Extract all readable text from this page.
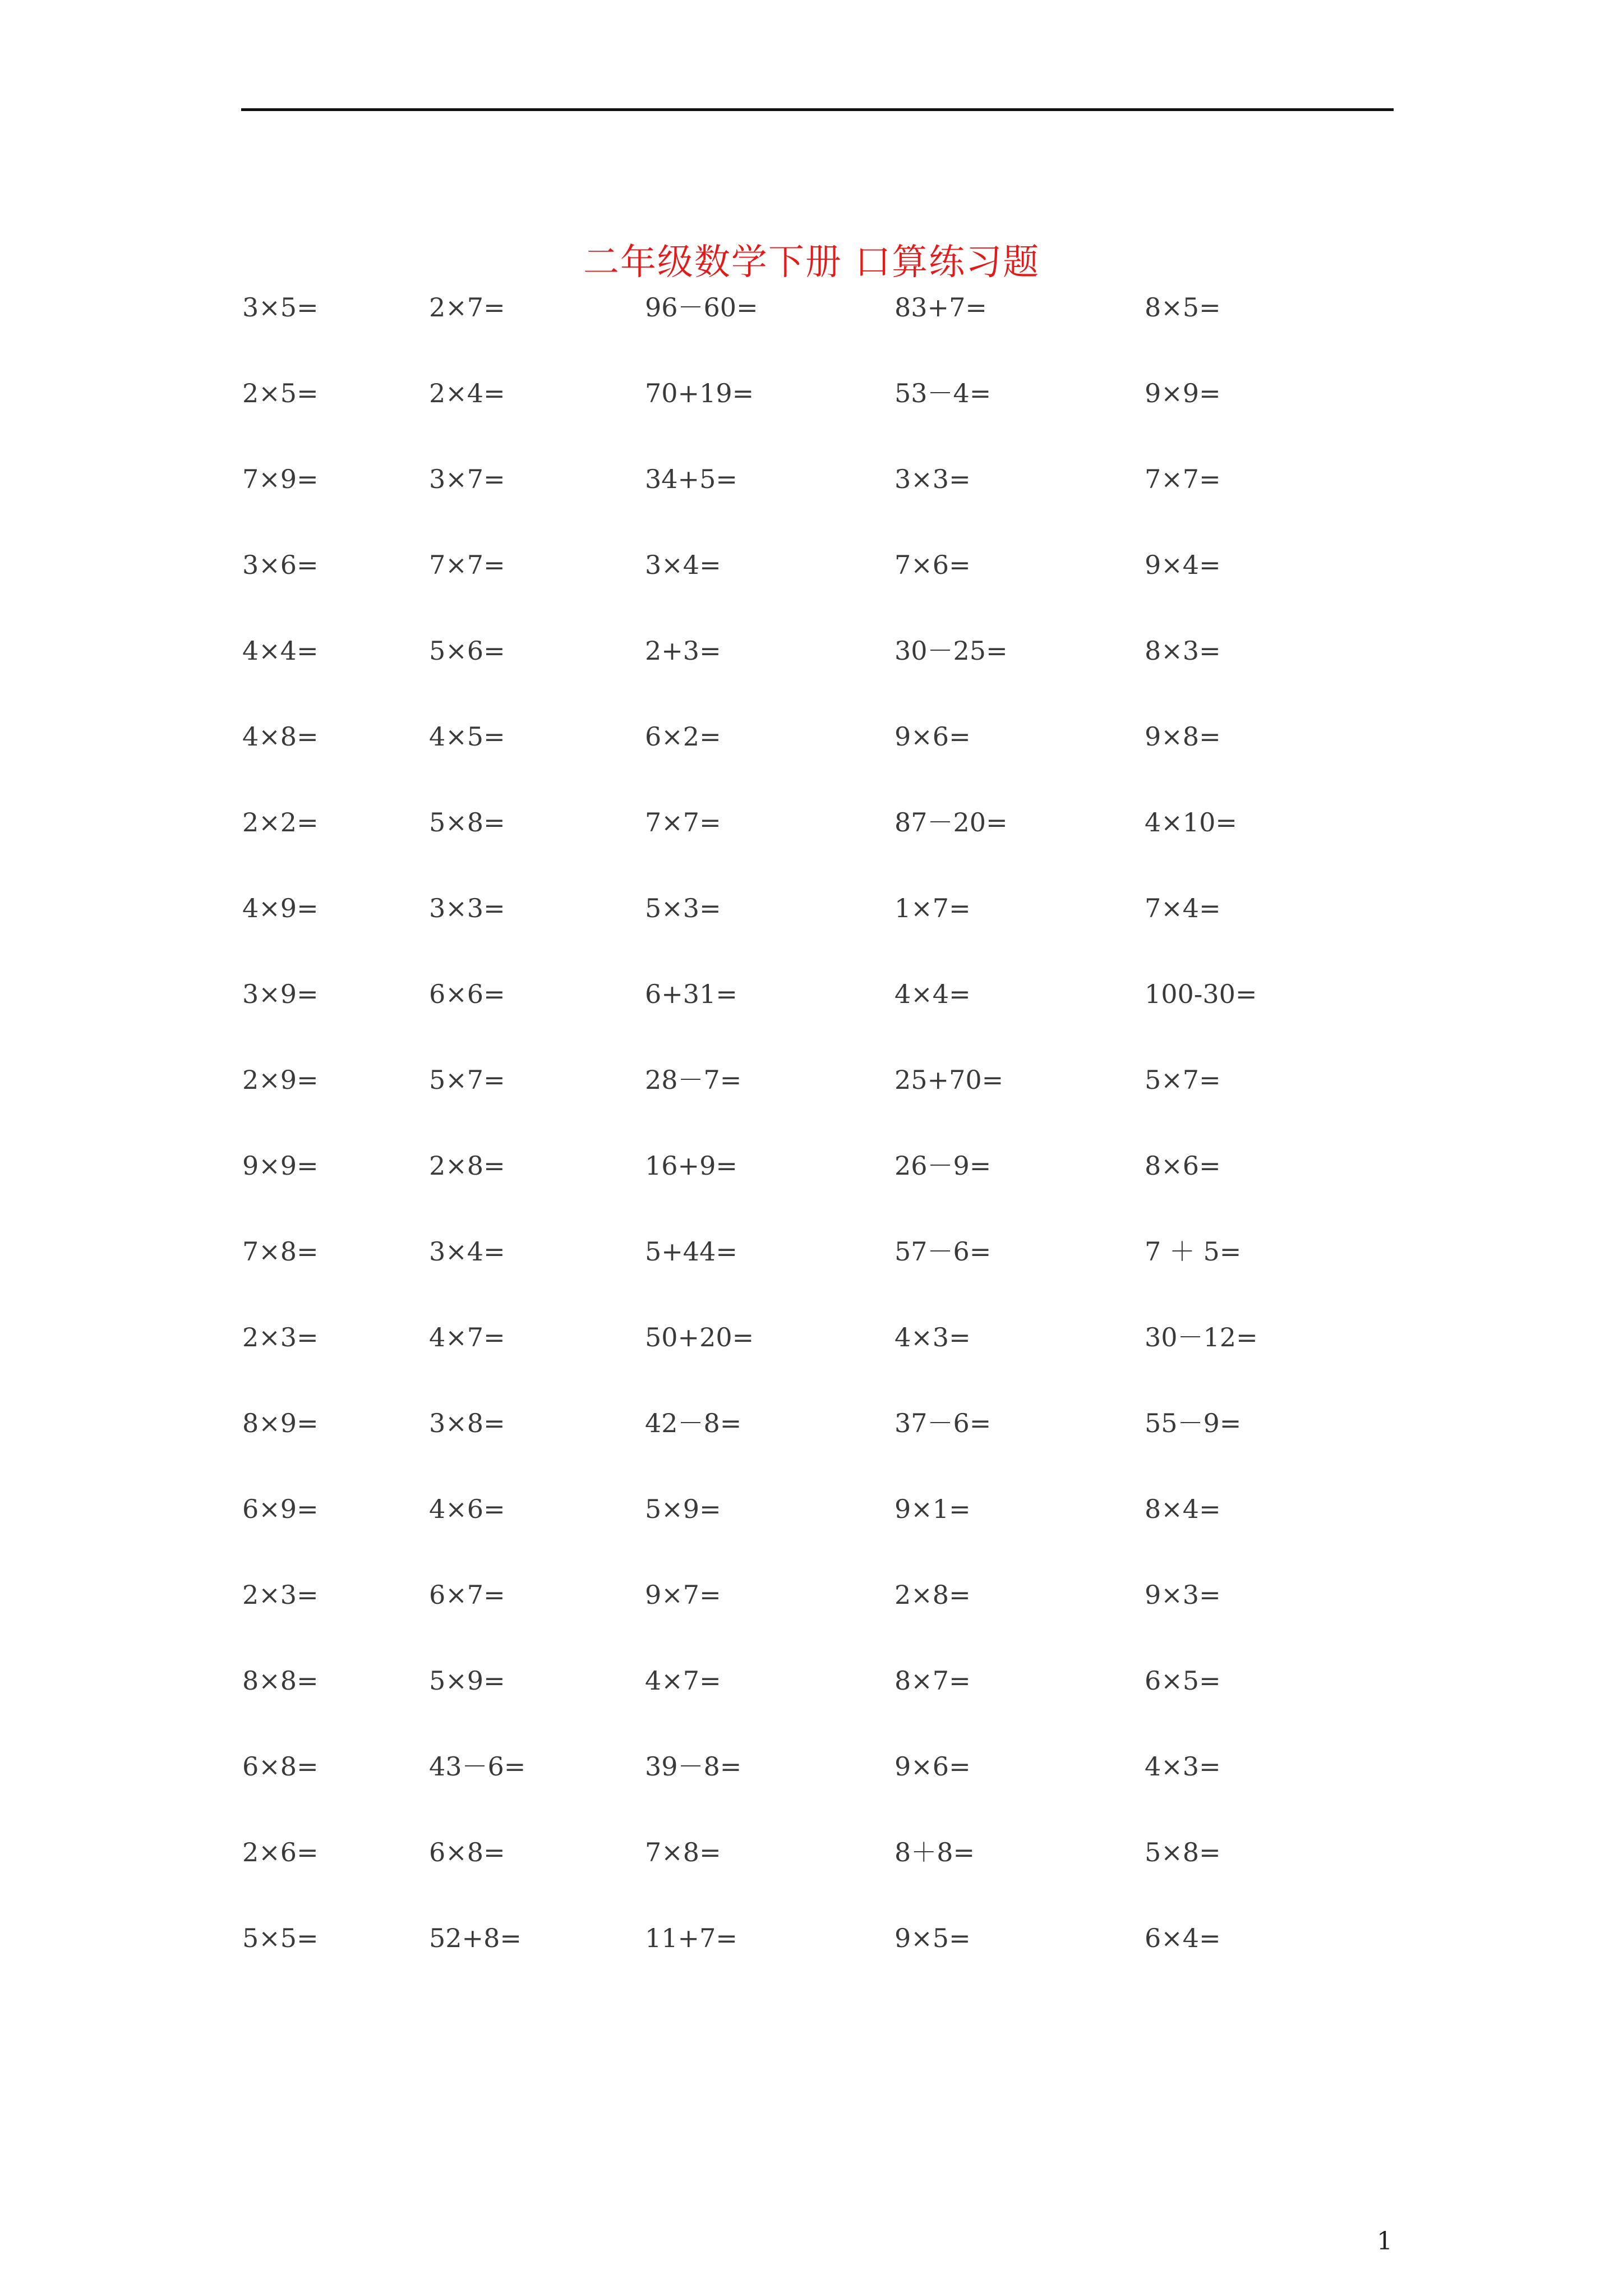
二年级数学下册 口算练习题
3×5=	2×7=	96－60=	83+7=	8×5=
2×5=	2×4=	70+19=	53－4=	9×9=
7×9=	3×7=	34+5=	3×3=	7×7=
3×6=	7×7=	3×4=	7×6=	9×4=
4×4=	5×6=	2+3=	30－25=	8×3=
4×8=	4×5=	6×2=	9×6=	9×8=
2×2=	5×8=	7×7=	87－20=	4×10=
4×9=	3×3=	5×3=	1×7=	7×4=
3×9=	6×6=	6+31=	4×4=	100-30=
2×9=	5×7=	28－7=	25+70=	5×7=
9×9=	2×8=	16+9=	26－9=	8×6=
7×8=	3×4=	5+44=	57－6=	7 ＋ 5=
2×3=	4×7=	50+20=	4×3=	30－12=
8×9=	3×8=	42－8=	37－6=	55－9=
6×9=	4×6=	5×9=	9×1=	8×4=
2×3=	6×7=	9×7=	2×8=	9×3=
8×8=	5×9=	4×7=	8×7=	6×5=
6×8=	43－6=	39－8=	9×6=	4×3=
2×6=	6×8=	7×8=	8＋8=	5×8=
5×5=	52+8=	11+7=	9×5=	6×4=
1
